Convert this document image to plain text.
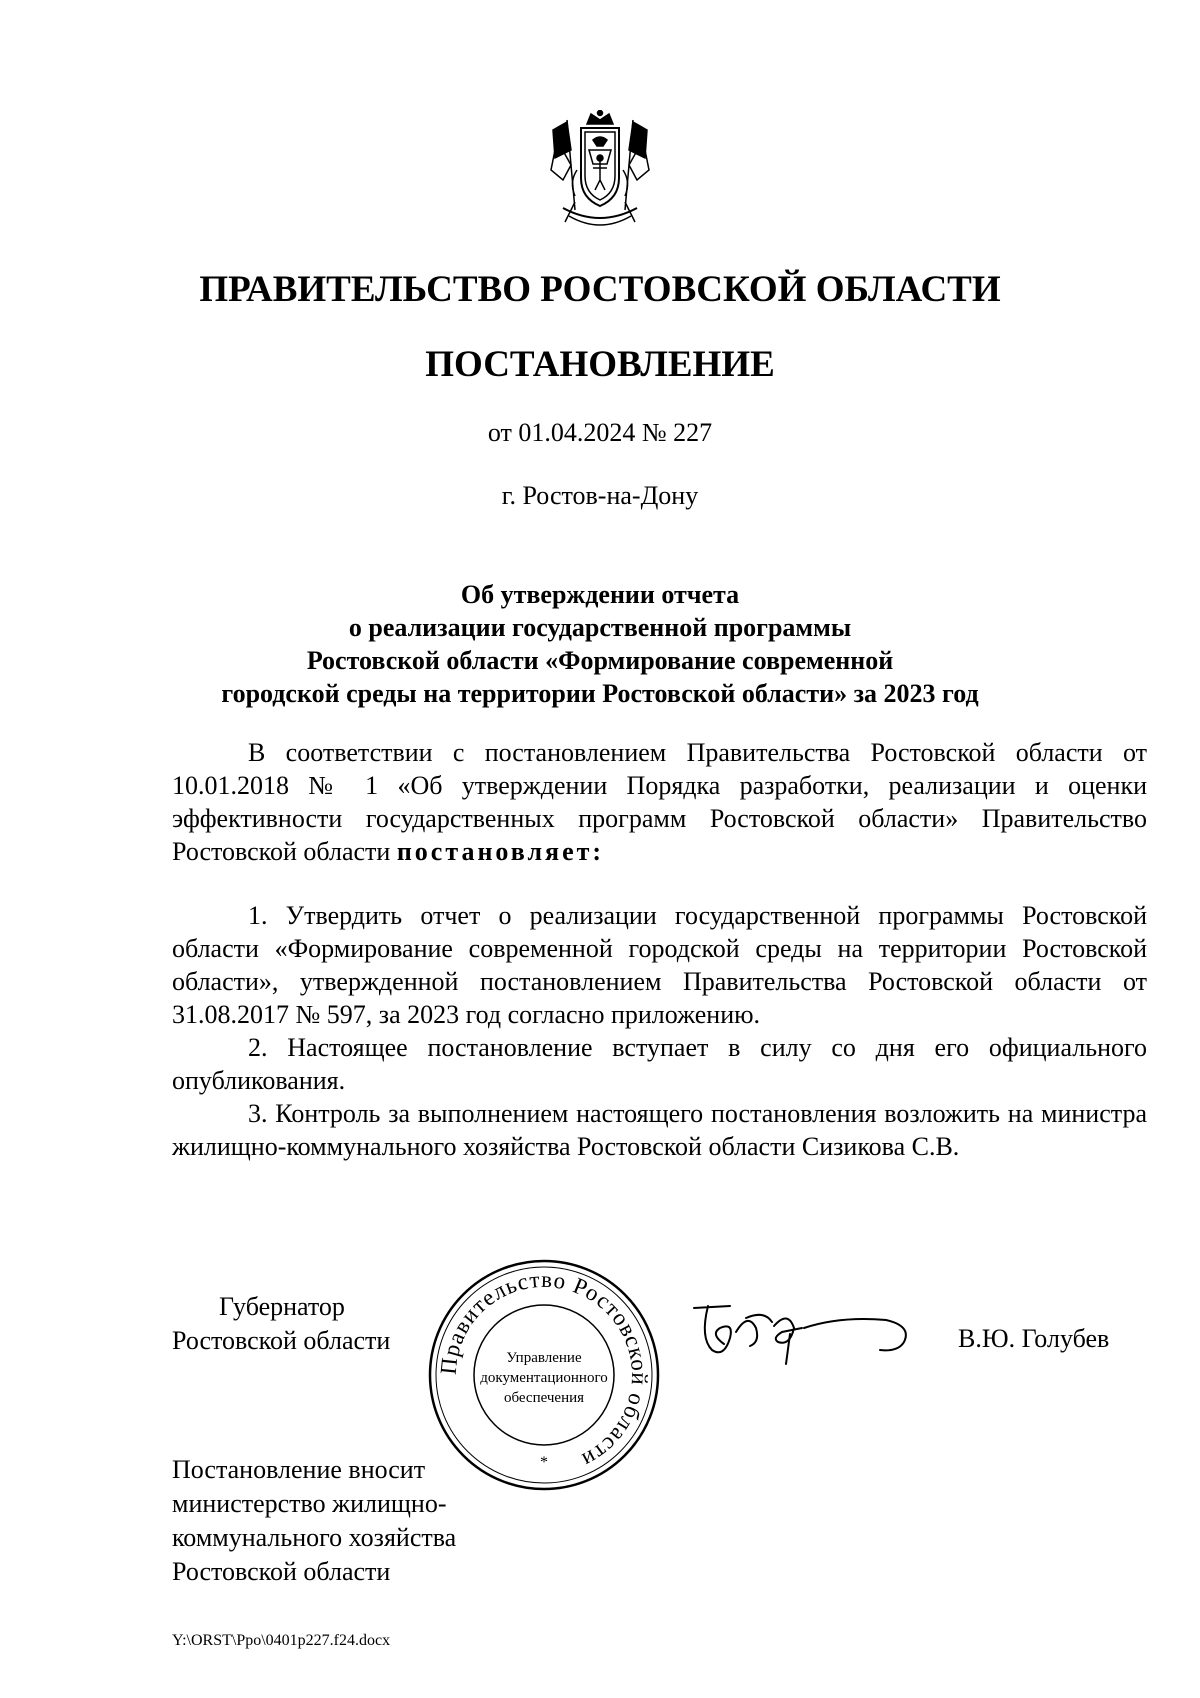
ПРАВИТЕЛЬСТВО РОСТОВСКОЙ ОБЛАСТИ
ПОСТАНОВЛЕНИЕ
от 01.04.2024 № 227
г. Ростов-на-Дону
Об утверждении отчета
о реализации государственной программы
Ростовской области «Формирование современной
городской среды на территории Ростовской области» за 2023 год
В соответствии с постановлением Правительства Ростовской области от 10.01.2018 № 1 «Об утверждении Порядка разработки, реализации и оценки эффективности государственных программ Ростовской области» Правительство Ростовской области постановляет:
1. Утвердить отчет о реализации государственной программы Ростовской области «Формирование современной городской среды на территории Ростовской области», утвержденной постановлением Правительства Ростовской области от 31.08.2017 № 597, за 2023 год согласно приложению.
2. Настоящее постановление вступает в силу со дня его официального опубликования.
3. Контроль за выполнением настоящего постановления возложить на министра жилищно-коммунального хозяйства Ростовской области Сизикова С.В.
Губернатор
Ростовской области
Правительство Ростовской области
Управление
документационного
обеспечения
*
В.Ю. Голубев
Постановление вносит
министерство жилищно-
коммунального хозяйства
Ростовской области
Y:\ORST\Ppo\0401p227.f24.docx
